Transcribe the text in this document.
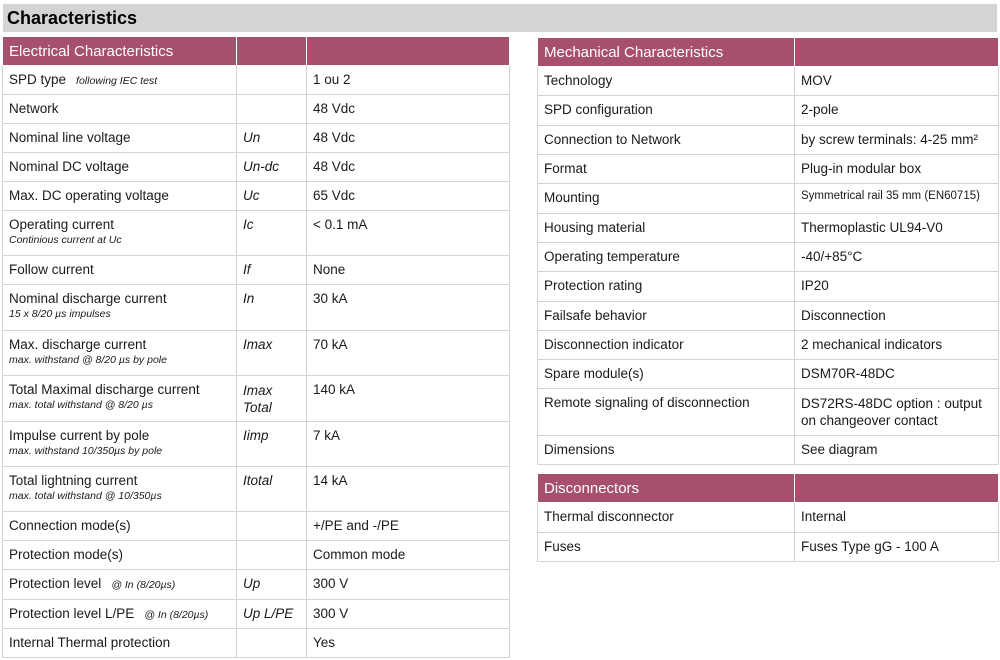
Characteristics
Electrical Characteristics		

SPD type following IEC test		1 ou 2

Network		48 Vdc

Nominal line voltage	Un	48 Vdc

Nominal DC voltage	Un-dc	48 Vdc

Max. DC operating voltage	Uc	65 Vdc

Operating current
Continious current at Uc	Ic	< 0.1 mA

Follow current	If	None

Nominal discharge current
15 x 8/20 µs impulses	In	30 kA

Max. discharge current
max. withstand @ 8/20 µs by pole	Imax	70 kA

Total Maximal discharge current
max. total withstand @ 8/20 µs	Imax Total	140 kA

Impulse current by pole
max. withstand 10/350µs by pole	Iimp	7 kA

Total lightning current
max. total withstand @ 10/350µs	Itotal	14 kA

Connection mode(s)		+/PE and -/PE

Protection mode(s)		Common mode

Protection level @ In (8/20µs)	Up	300 V

Protection level L/PE @ In (8/20µs)	Up L/PE	300 V

Internal Thermal protection		Yes
Mechanical Characteristics	
Technology	MOV
SPD configuration	2-pole
Connection to Network	by screw terminals: 4-25 mm²
Format	Plug-in modular box
Mounting	Symmetrical rail 35 mm (EN60715)
Housing material	Thermoplastic UL94-V0
Operating temperature	-40/+85°C
Protection rating	IP20
Failsafe behavior	Disconnection
Disconnection indicator	2 mechanical indicators
Spare module(s)	DSM70R-48DC
Remote signaling of disconnection	DS72RS-48DC option : output on changeover contact
Dimensions	See diagram
Disconnectors	
Thermal disconnector	Internal
Fuses	Fuses Type gG - 100 A
